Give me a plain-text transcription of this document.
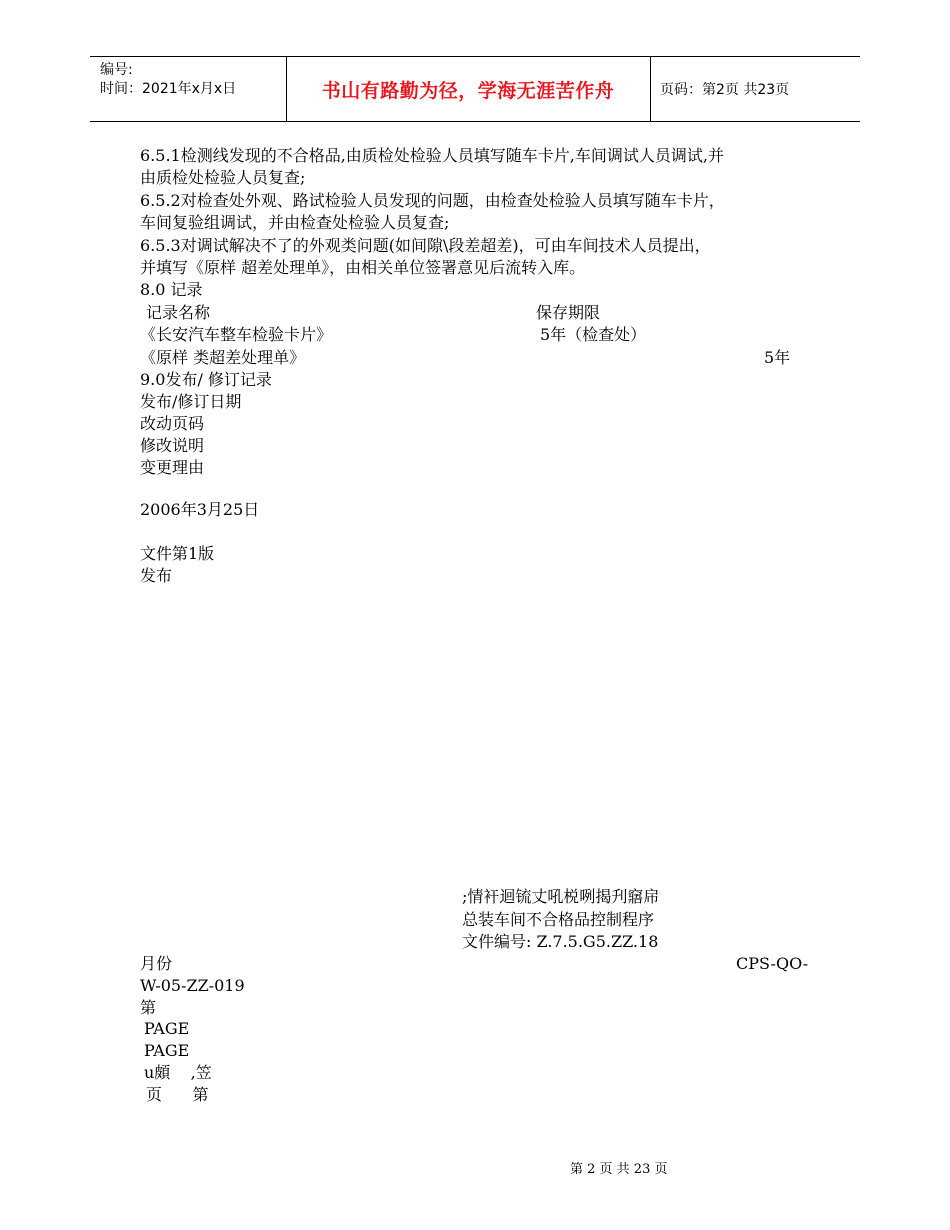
编号:
时间：2021年x月x日	书山有路勤为径，学海无涯苦作舟	页码：第2页 共23页
6.5.1检测线发现的不合格品,由质检处检验人员填写随车卡片,车间调试人员调试,并
由质检处检验人员复查;
6.5.2对检查处外观、路试检验人员发现的问题，由检查处检验人员填写随车卡片，
车间复验组调试，并由检查处检验人员复查;
6.5.3对调试解决不了的外观类问题(如间隙\段差超差)，可由车间技术人员提出，
并填写《原样 超差处理单》，由相关单位签署意见后流转入库。
8.0 记录
记录名称	保存期限
《长安汽车整车检验卡片》	5年（检查处）
《原样 类超差处理单》	5年
9.0发布/ 修订记录
发布/修订日期
改动页码
修改说明
变更理由
2006年3月25日
文件第1版
发布
;情衦迴锍丈吼棁咧揭刋窹帍
总装车间不合格品控制程序
文件编号: Z.7.5.G5.ZZ.18
月份	CPS-QO-
W-05-ZZ-019
第
PAGE
PAGE
u頗    ,笠
页      第
第 2 页 共 23 页
